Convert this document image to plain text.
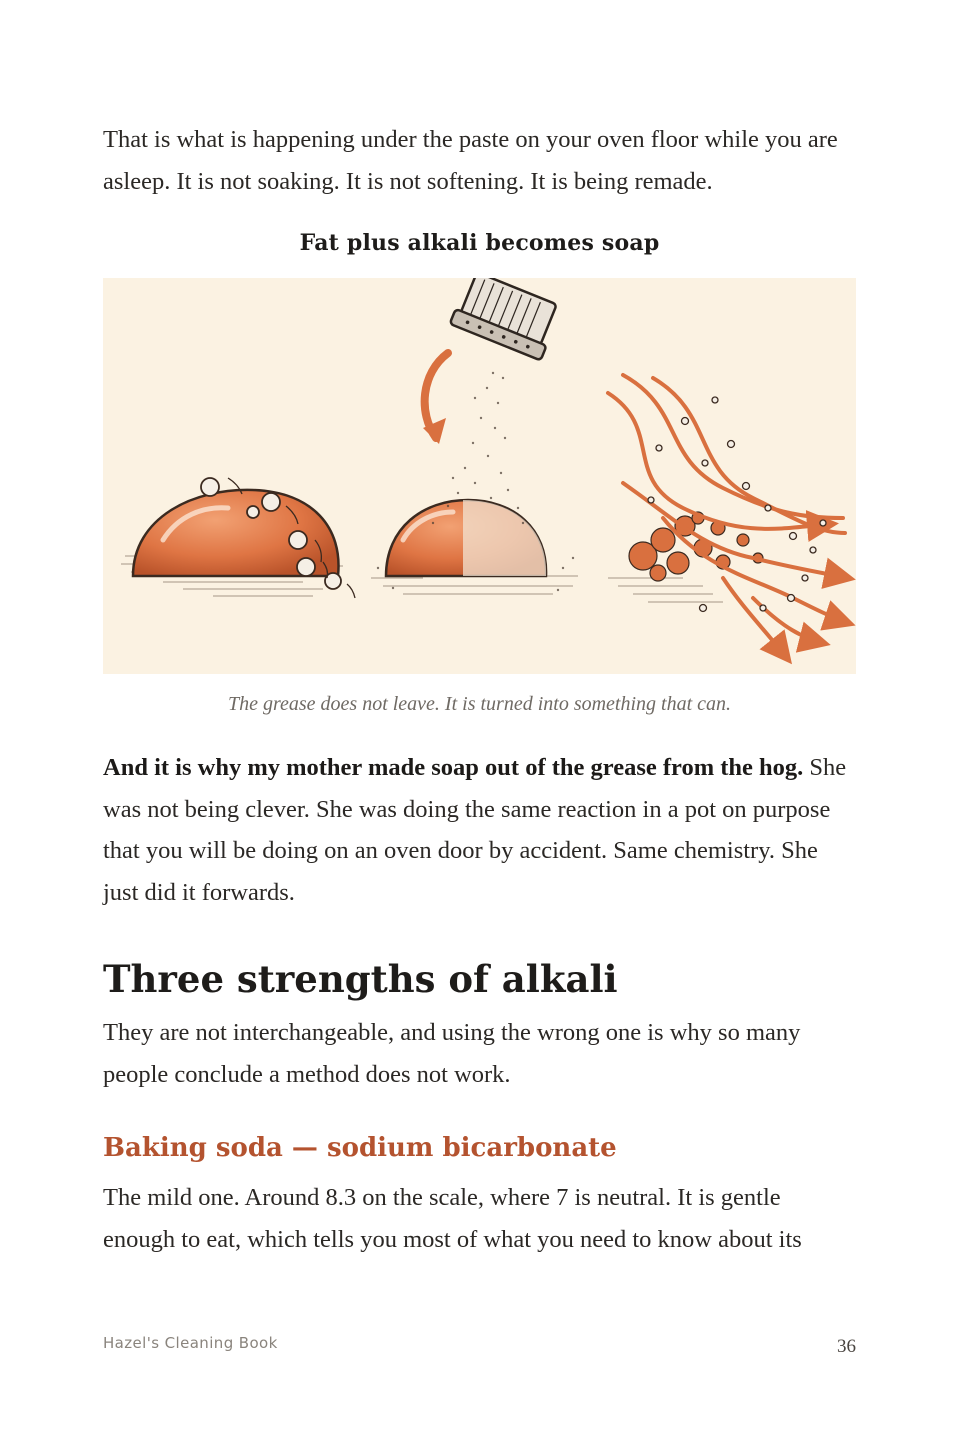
That is what is happening under the paste on your oven floor while you are asleep. It is not soaking. It is not softening. It is being remade.

Fat plus alkali becomes soap
The grease does not leave. It is turned into something that can.

And it is why my mother made soap out of the grease from the hog. She was not being clever. She was doing the same reaction in a pot on purpose that you will be doing on an oven door by accident. Same chemistry. She just did it forwards.

Three strengths of alkali

They are not interchangeable, and using the wrong one is why so many people conclude a method does not work.

Baking soda — sodium bicarbonate

The mild one. Around 8.3 on the scale, where 7 is neutral. It is gentle enough to eat, which tells you most of what you need to know about its

Hazel's Cleaning Book	36
